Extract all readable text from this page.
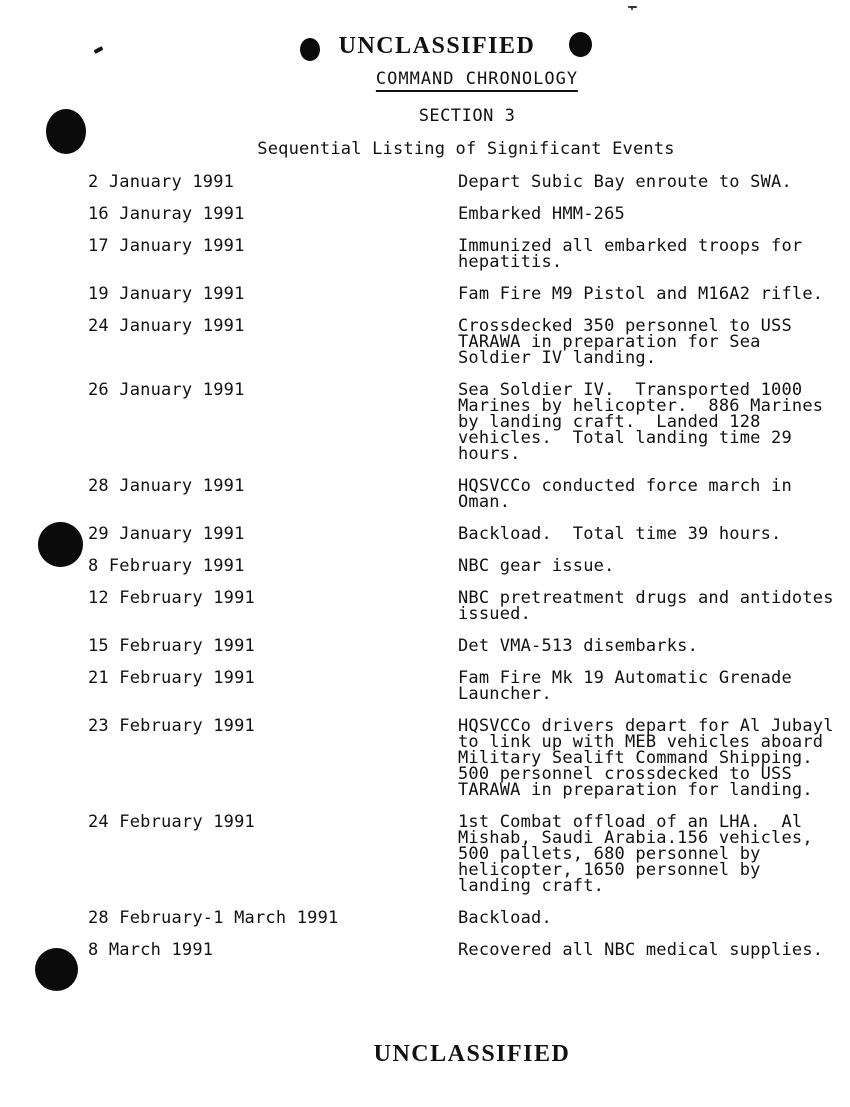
UNCLASSIFIED
COMMAND CHRONOLOGY
SECTION 3
Sequential Listing of Significant Events
2 January 1991	Depart Subic Bay enroute to SWA.
16 Januray 1991	Embarked HMM-265
17 January 1991	Immunized all embarked troops for
hepatitis.
19 January 1991	Fam Fire M9 Pistol and M16A2 rifle.
24 January 1991	Crossdecked 350 personnel to USS
TARAWA in preparation for Sea
Soldier IV landing.
26 January 1991	Sea Soldier IV.  Transported 1000
Marines by helicopter.  886 Marines
by landing craft.  Landed 128
vehicles.  Total landing time 29
hours.
28 January 1991	HQSVCCo conducted force march in
Oman.
29 January 1991	Backload.  Total time 39 hours.
8 February 1991	NBC gear issue.
12 February 1991	NBC pretreatment drugs and antidotes
issued.
15 February 1991	Det VMA-513 disembarks.
21 February 1991	Fam Fire Mk 19 Automatic Grenade
Launcher.
23 February 1991	HQSVCCo drivers depart for Al Jubayl
to link up with MEB vehicles aboard
Military Sealift Command Shipping.
500 personnel crossdecked to USS
TARAWA in preparation for landing.
24 February 1991	1st Combat offload of an LHA.  Al
Mishab, Saudi Arabia.156 vehicles,
500 pallets, 680 personnel by
helicopter, 1650 personnel by
landing craft.
28 February-1 March 1991	Backload.
8 March 1991	Recovered all NBC medical supplies.
UNCLASSIFIED
